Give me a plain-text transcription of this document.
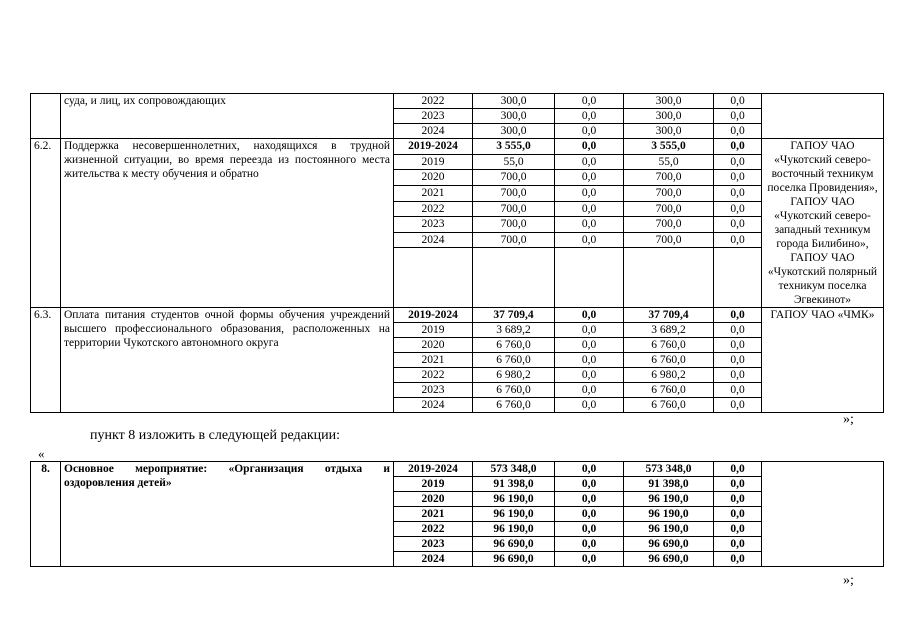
	суда, и лиц, их сопровождающих	2022	300,0	0,0	300,0	0,0	
		2023	300,0	0,0	300,0	0,0	
		2024	300,0	0,0	300,0	0,0	
6.2.	Поддержка несовершеннолетних, находящихся в трудной жизненной ситуации, во время переезда из постоянного места жительства к месту обучения и обратно	2019-2024	3 555,0	0,0	3 555,0	0,0	ГАПОУ ЧАО «Чукотский северо-восточный техникум поселка Провидения», ГАПОУ ЧАО «Чукотский северо-западный техникум города Билибино», ГАПОУ ЧАО «Чукотский полярный техникум поселка Эгвекинот»
		2019	55,0	0,0	55,0	0,0	
		2020	700,0	0,0	700,0	0,0	
		2021	700,0	0,0	700,0	0,0	
		2022	700,0	0,0	700,0	0,0	
		2023	700,0	0,0	700,0	0,0	
		2024	700,0	0,0	700,0	0,0	

6.3.	Оплата питания студентов очной формы обучения учреждений высшего профессионального образования, расположенных на территории Чукотского автономного округа	2019-2024	37 709,4	0,0	37 709,4	0,0	ГАПОУ ЧАО «ЧМК»
		2019	3 689,2	0,0	3 689,2	0,0	
		2020	6 760,0	0,0	6 760,0	0,0	
		2021	6 760,0	0,0	6 760,0	0,0	
		2022	6 980,2	0,0	6 980,2	0,0	
		2023	6 760,0	0,0	6 760,0	0,0	
		2024	6 760,0	0,0	6 760,0	0,0	
»;
пункт 8 изложить в следующей редакции:
«
8.	Основное мероприятие: «Организация отдыха и оздоровления детей»	2019-2024	573 348,0	0,0	573 348,0	0,0	
		2019	91 398,0	0,0	91 398,0	0,0	
		2020	96 190,0	0,0	96 190,0	0,0	
		2021	96 190,0	0,0	96 190,0	0,0	
		2022	96 190,0	0,0	96 190,0	0,0	
		2023	96 690,0	0,0	96 690,0	0,0	
		2024	96 690,0	0,0	96 690,0	0,0	
»;
